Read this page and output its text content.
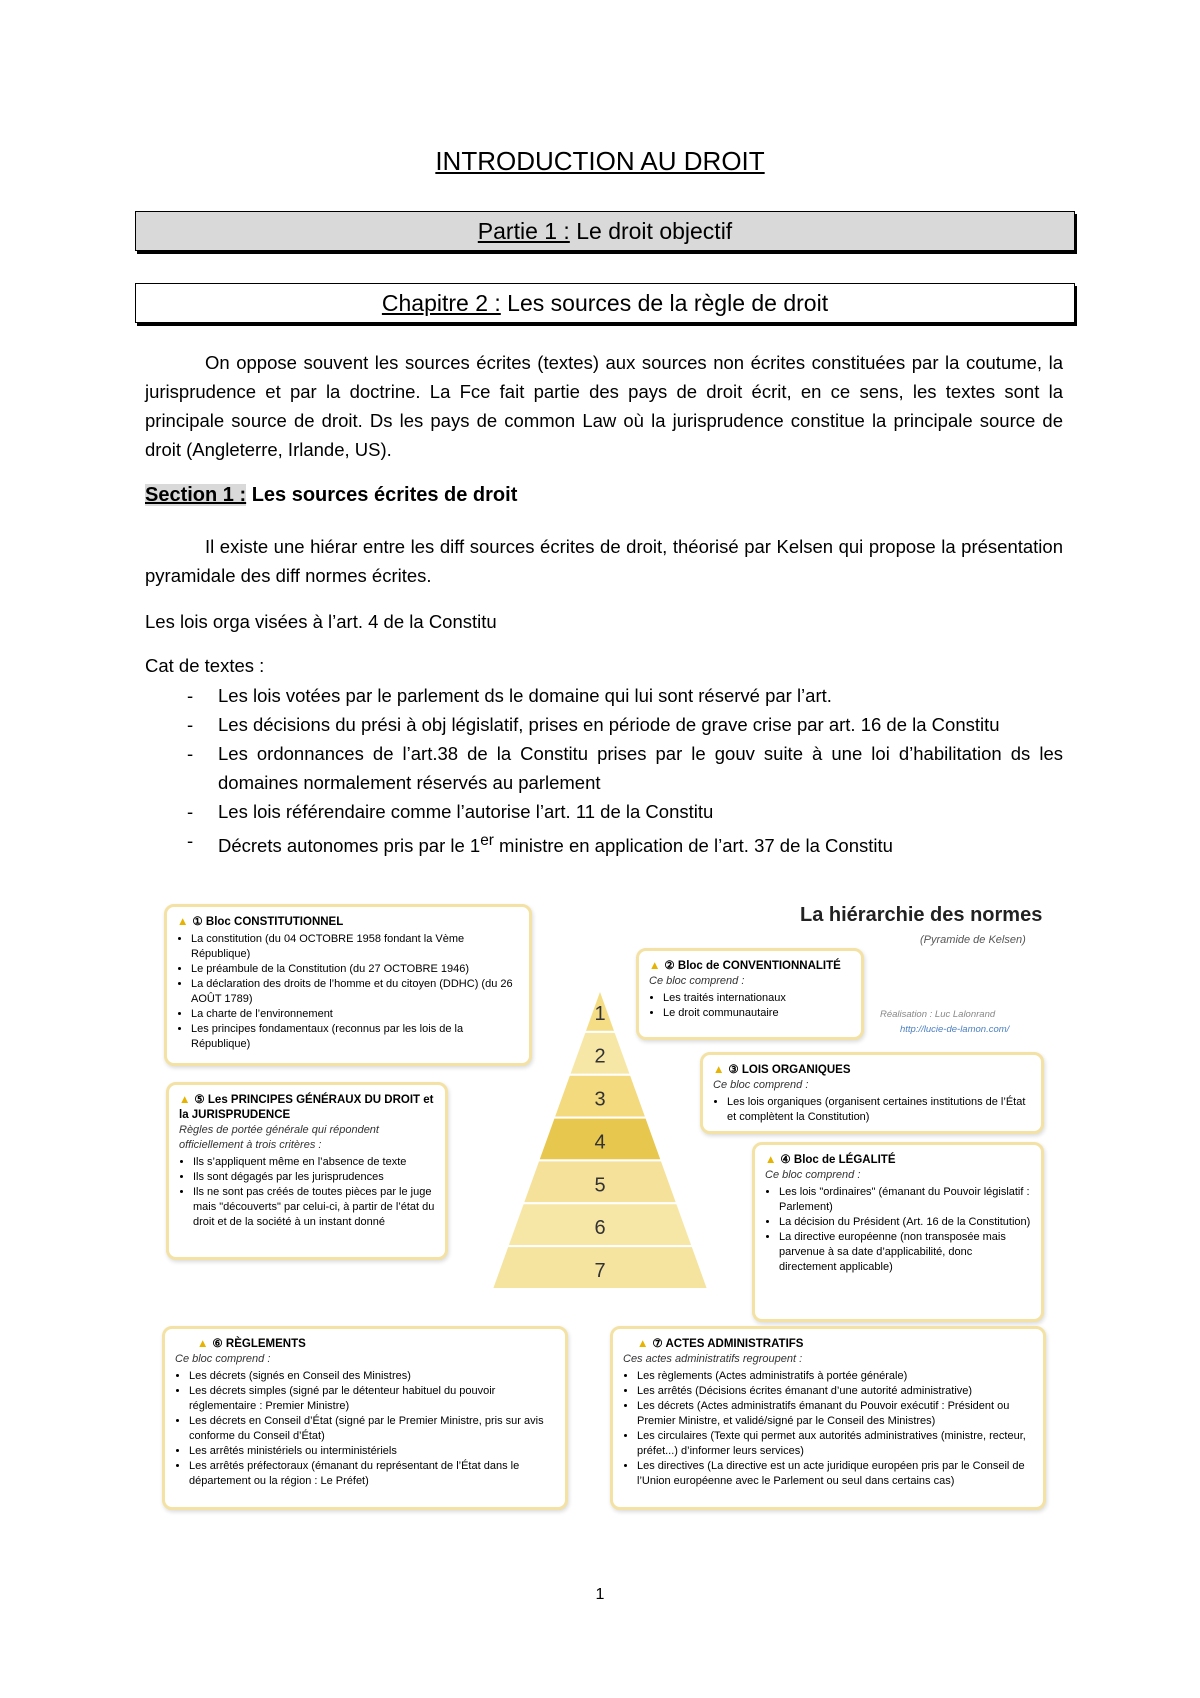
INTRODUCTION AU DROIT
Partie 1 : Le droit objectif
Chapitre 2 : Les sources de la règle de droit
On oppose souvent les sources écrites (textes) aux sources non écrites constituées par la coutume, la jurisprudence et par la doctrine. La Fce fait partie des pays de droit écrit, en ce sens, les textes sont la principale source de droit. Ds les pays de common Law où la jurisprudence constitue la principale source de droit (Angleterre, Irlande, US).
Section 1 : Les sources écrites de droit
Il existe une hiérar entre les diff sources écrites de droit, théorisé par Kelsen qui propose la présentation pyramidale des diff normes écrites.
Les lois orga visées à l’art. 4 de la Constitu
Cat de textes :
- Les lois votées par le parlement ds le domaine qui lui sont réservé par l’art.
- Les décisions du prési à obj législatif, prises en période de grave crise par art. 16 de la Constitu
- Les ordonnances de l’art.38 de la Constitu prises par le gouv suite à une loi d’habilitation ds les domaines normalement réservés au parlement
- Les lois référendaire comme l’autorise l’art. 11 de la Constitu
- Décrets autonomes pris par le 1er ministre en application de l’art. 37 de la Constitu
La hiérarchie des normes
(Pyramide de Kelsen)
Réalisation : Luc Lalonrand
http://lucie-de-lamon.com/
1
2
3
4
5
6
7
▲ ① Bloc CONSTITUTIONNEL
• La constitution (du 04 OCTOBRE 1958 fondant la Vème République)
• Le préambule de la Constitution (du 27 OCTOBRE 1946)
• La déclaration des droits de l’homme et du citoyen (DDHC) (du 26 AOÛT 1789)
• La charte de l’environnement
• Les principes fondamentaux (reconnus par les lois de la République)
▲ ② Bloc de CONVENTIONNALITÉ
Ce bloc comprend :
• Les traités internationaux
• Le droit communautaire
▲ ③ LOIS ORGANIQUES
Ce bloc comprend :
• Les lois organiques (organisent certaines institutions de l’État et complètent la Constitution)
▲ ⑤ Les PRINCIPES GÉNÉRAUX DU DROIT et la JURISPRUDENCE
Règles de portée générale qui répondent officiellement à trois critères :
• Ils s’appliquent même en l’absence de texte
• Ils sont dégagés par les jurisprudences
• Ils ne sont pas créés de toutes pièces par le juge mais "découverts" par celui-ci, à partir de l’état du droit et de la société à un instant donné
▲ ④ Bloc de LÉGALITÉ
Ce bloc comprend :
• Les lois "ordinaires" (émanant du Pouvoir législatif : Parlement)
• La décision du Président (Art. 16 de la Constitution)
• La directive européenne (non transposée mais parvenue à sa date d’applicabilité, donc directement applicable)
▲ ⑥ RÈGLEMENTS
Ce bloc comprend :
• Les décrets (signés en Conseil des Ministres)
• Les décrets simples (signé par le détenteur habituel du pouvoir réglementaire : Premier Ministre)
• Les décrets en Conseil d’État (signé par le Premier Ministre, pris sur avis conforme du Conseil d’État)
• Les arrêtés ministériels ou interministériels
• Les arrêtés préfectoraux (émanant du représentant de l’État dans le département ou la région : Le Préfet)
▲ ⑦ ACTES ADMINISTRATIFS
Ces actes administratifs regroupent :
• Les règlements (Actes administratifs à portée générale)
• Les arrêtés (Décisions écrites émanant d’une autorité administrative)
• Les décrets (Actes administratifs émanant du Pouvoir exécutif : Président ou Premier Ministre, et validé/signé par le Conseil des Ministres)
• Les circulaires (Texte qui permet aux autorités administratives (ministre, recteur, préfet...) d’informer leurs services)
• Les directives (La directive est un acte juridique européen pris par le Conseil de l’Union européenne avec le Parlement ou seul dans certains cas)
1
